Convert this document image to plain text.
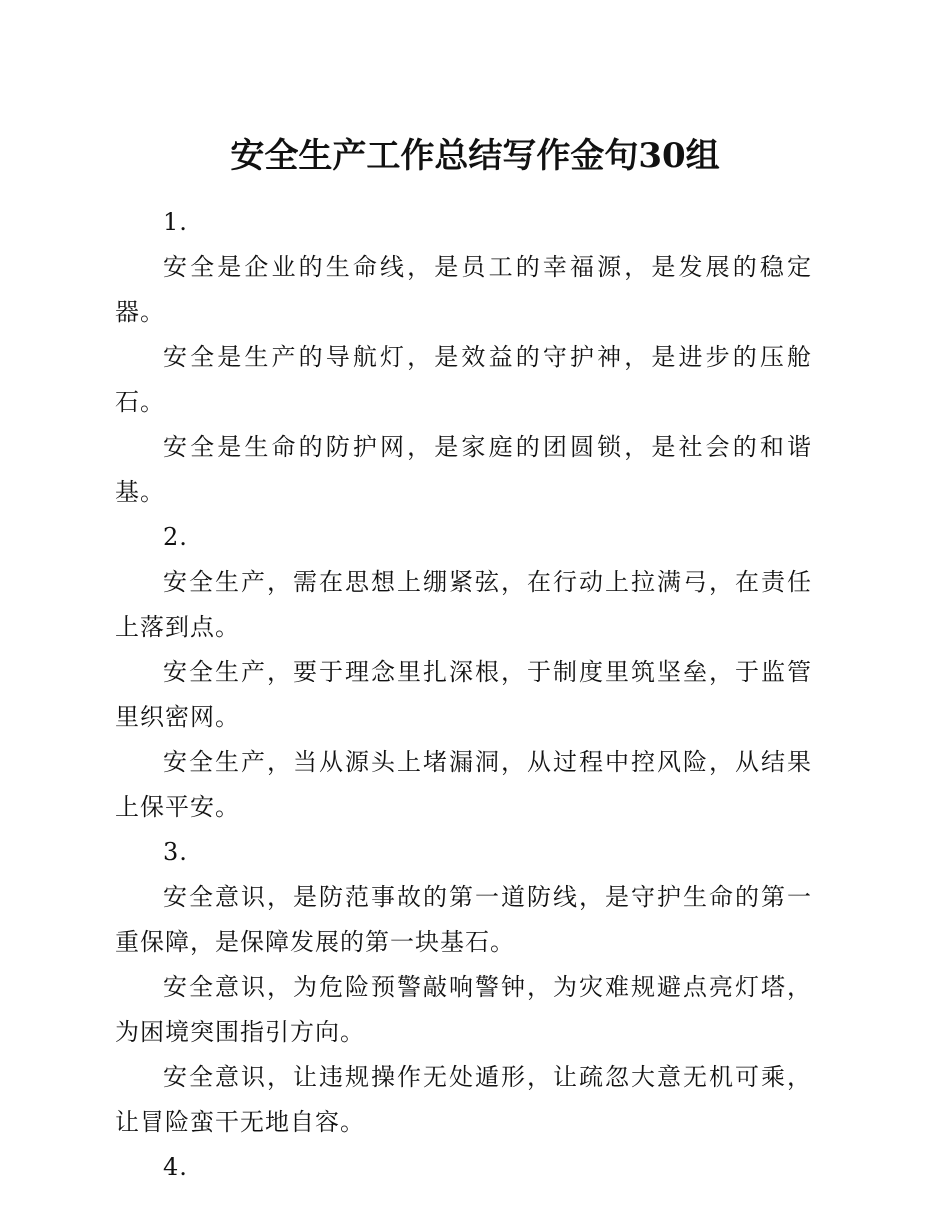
安全生产工作总结写作金句30组

1.

安全是企业的生命线，是员工的幸福源，是发展的稳定器。

安全是生产的导航灯，是效益的守护神，是进步的压舱石。

安全是生命的防护网，是家庭的团圆锁，是社会的和谐基。

2.

安全生产，需在思想上绷紧弦，在行动上拉满弓，在责任上落到点。

安全生产，要于理念里扎深根，于制度里筑坚垒，于监管里织密网。

安全生产，当从源头上堵漏洞，从过程中控风险，从结果上保平安。

3.

安全意识，是防范事故的第一道防线，是守护生命的第一重保障，是保障发展的第一块基石。

安全意识，为危险预警敲响警钟，为灾难规避点亮灯塔，为困境突围指引方向。

安全意识，让违规操作无处遁形，让疏忽大意无机可乘，让冒险蛮干无地自容。

4.
